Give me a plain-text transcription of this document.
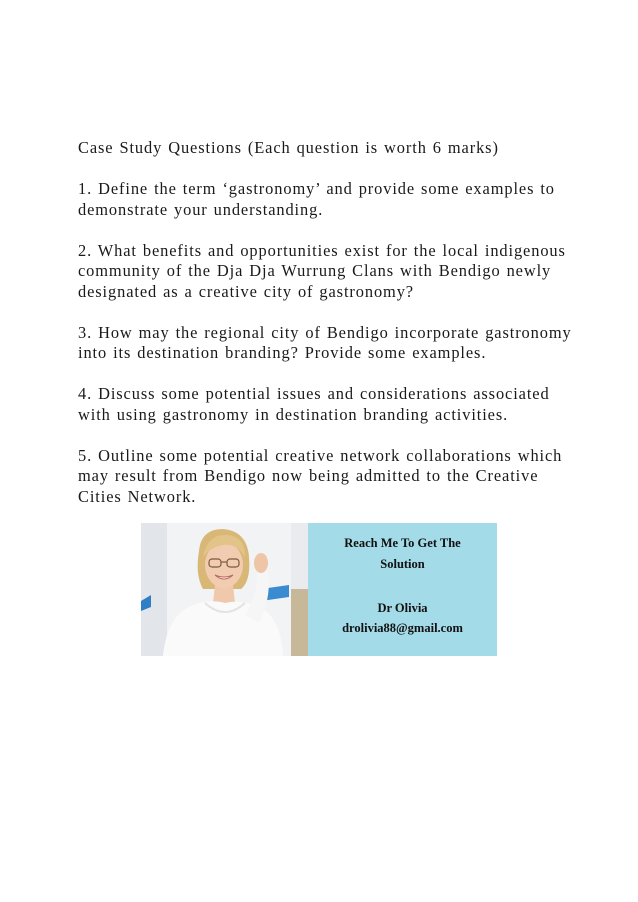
Case Study Questions (Each question is worth 6 marks)

1. Define the term ‘gastronomy’ and provide some examples to demonstrate your understanding.

2. What benefits and opportunities exist for the local indigenous community of the Dja Dja Wurrung Clans with Bendigo newly designated as a creative city of gastronomy?

3. How may the regional city of Bendigo incorporate gastronomy into its destination branding? Provide some examples.

4. Discuss some potential issues and considerations associated with using gastronomy in destination branding activities.

5. Outline some potential creative network collaborations which may result from Bendigo now being admitted to the Creative Cities Network.

Reach Me To Get The
Solution
Dr Olivia
drolivia88@gmail.com
